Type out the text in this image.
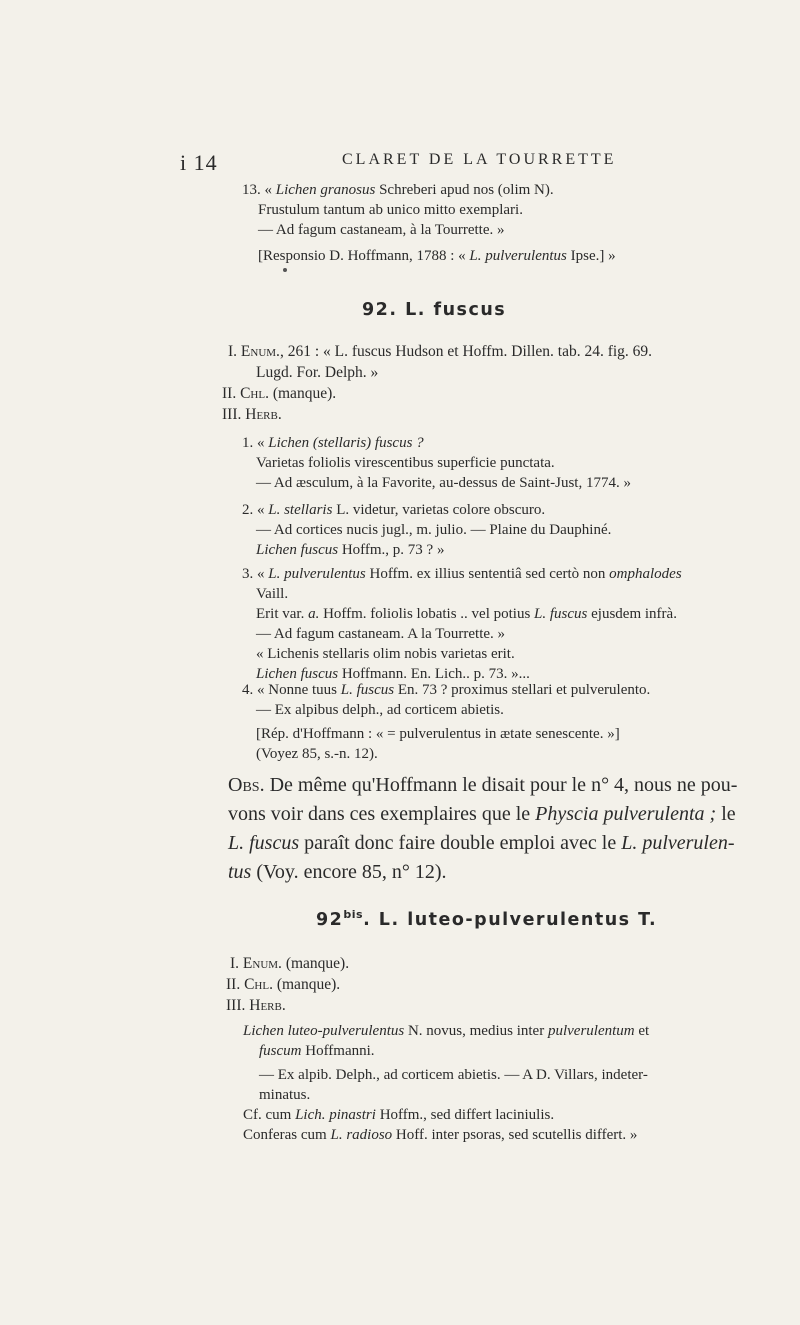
i 14	CLARET DE LA TOURRETTE
13. « Lichen granosus Schreberi apud nos (olim N).
Frustulum tantum ab unico mitto exemplari.
— Ad fagum castaneam, à la Tourrette. »
[Responsio D. Hoffmann, 1788 : « L. pulverulentus Ipse.] »
92. L. fuscus
I. Enum., 261 : « L. fuscus Hudson et Hoffm. Dillen. tab. 24. fig. 69.
Lugd. For. Delph. »
II. Chl. (manque).
III. Herb.
1. « Lichen (stellaris) fuscus ?
Varietas foliolis virescentibus superficie punctata.
— Ad æsculum, à la Favorite, au-dessus de Saint-Just, 1774. »
2. « L. stellaris L. videtur, varietas colore obscuro.
— Ad cortices nucis jugl., m. julio. — Plaine du Dauphiné.
Lichen fuscus Hoffm., p. 73 ? »
3. « L. pulverulentus Hoffm. ex illius sententiâ sed certò non omphalodes
Vaill.
Erit var. a. Hoffm. foliolis lobatis .. vel potius L. fuscus ejusdem infrà.
— Ad fagum castaneam. A la Tourrette. »
« Lichenis stellaris olim nobis varietas erit.
Lichen fuscus Hoffmann. En. Lich.. p. 73. »...
4. « Nonne tuus L. fuscus En. 73 ? proximus stellari et pulverulento.
— Ex alpibus delph., ad corticem abietis.
[Rép. d'Hoffmann : « = pulverulentus in ætate senescente. »]
(Voyez 85, s.-n. 12).
Obs. De même qu'Hoffmann le disait pour le n° 4, nous ne pou-
vons voir dans ces exemplaires que le Physcia pulverulenta ; le
L. fuscus paraît donc faire double emploi avec le L. pulverulen-
tus (Voy. encore 85, n° 12).
$92^{bis}$. L. luteo-pulverulentus T.
I. Enum. (manque).
II. Chl. (manque).
III. Herb.
Lichen luteo-pulverulentus N. novus, medius inter pulverulentum et
fuscum Hoffmanni.
— Ex alpib. Delph., ad corticem abietis. — A D. Villars, indeter-
minatus.
Cf. cum Lich. pinastri Hoffm., sed differt laciniulis.
Conferas cum L. radioso Hoff. inter psoras, sed scutellis differt. »
